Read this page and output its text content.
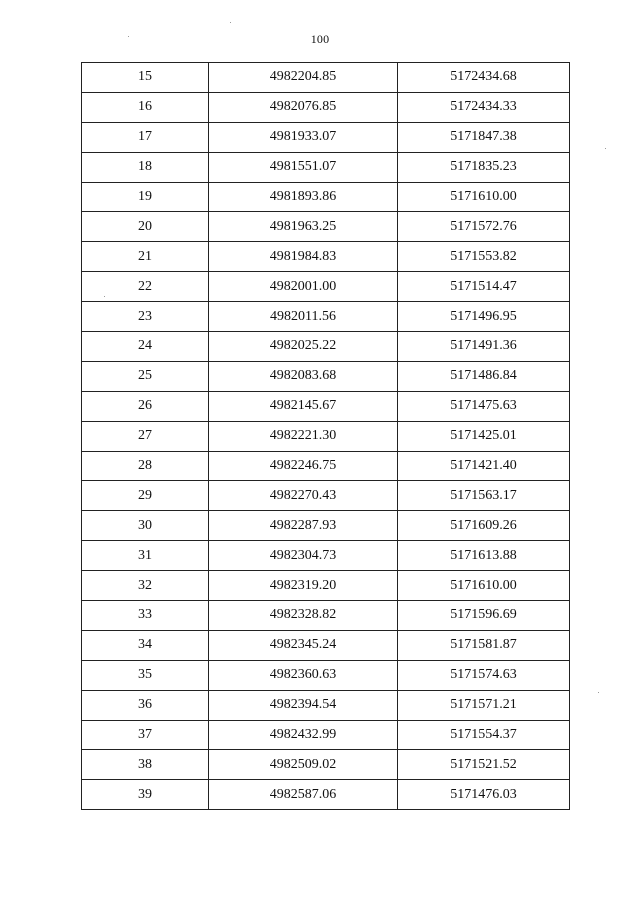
100
15	4982204.85	5172434.68
16	4982076.85	5172434.33
17	4981933.07	5171847.38
18	4981551.07	5171835.23
19	4981893.86	5171610.00
20	4981963.25	5171572.76
21	4981984.83	5171553.82
22	4982001.00	5171514.47
23	4982011.56	5171496.95
24	4982025.22	5171491.36
25	4982083.68	5171486.84
26	4982145.67	5171475.63
27	4982221.30	5171425.01
28	4982246.75	5171421.40
29	4982270.43	5171563.17
30	4982287.93	5171609.26
31	4982304.73	5171613.88
32	4982319.20	5171610.00
33	4982328.82	5171596.69
34	4982345.24	5171581.87
35	4982360.63	5171574.63
36	4982394.54	5171571.21
37	4982432.99	5171554.37
38	4982509.02	5171521.52
39	4982587.06	5171476.03
